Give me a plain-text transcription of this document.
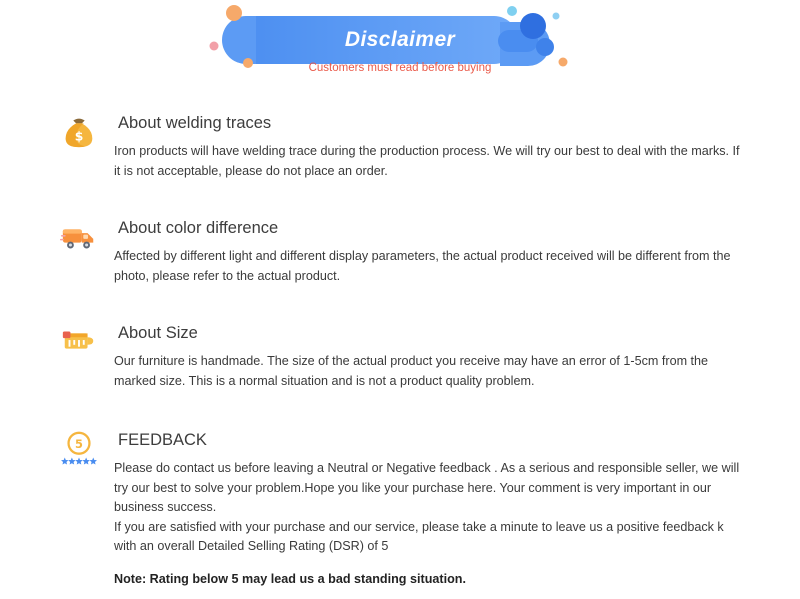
Disclaimer
Customers must read before buying
$
About welding traces

Iron products will have welding trace during the production process. We will try our best to deal with the marks. If it is not acceptable, please do not place an order.

About color difference

Affected by different light and different display parameters, the actual product received will be different from the photo, please refer to the actual product.

About Size

Our furniture is handmade. The size of the actual product you receive may have an error of 1-5cm from the marked size. This is a normal situation and is not a product quality problem.

5 FEEDBACK

Please do contact us before leaving a Neutral or Negative feedback . As a serious and responsible seller, we will try our best to solve your problem.Hope you like your purchase here. Your comment is very important in our business success.

If you are satisfied with your purchase and our service, please take a minute to leave us a positive feedback k with an overall Detailed Selling Rating (DSR) of 5

Note: Rating below 5 may lead us a bad standing situation.
